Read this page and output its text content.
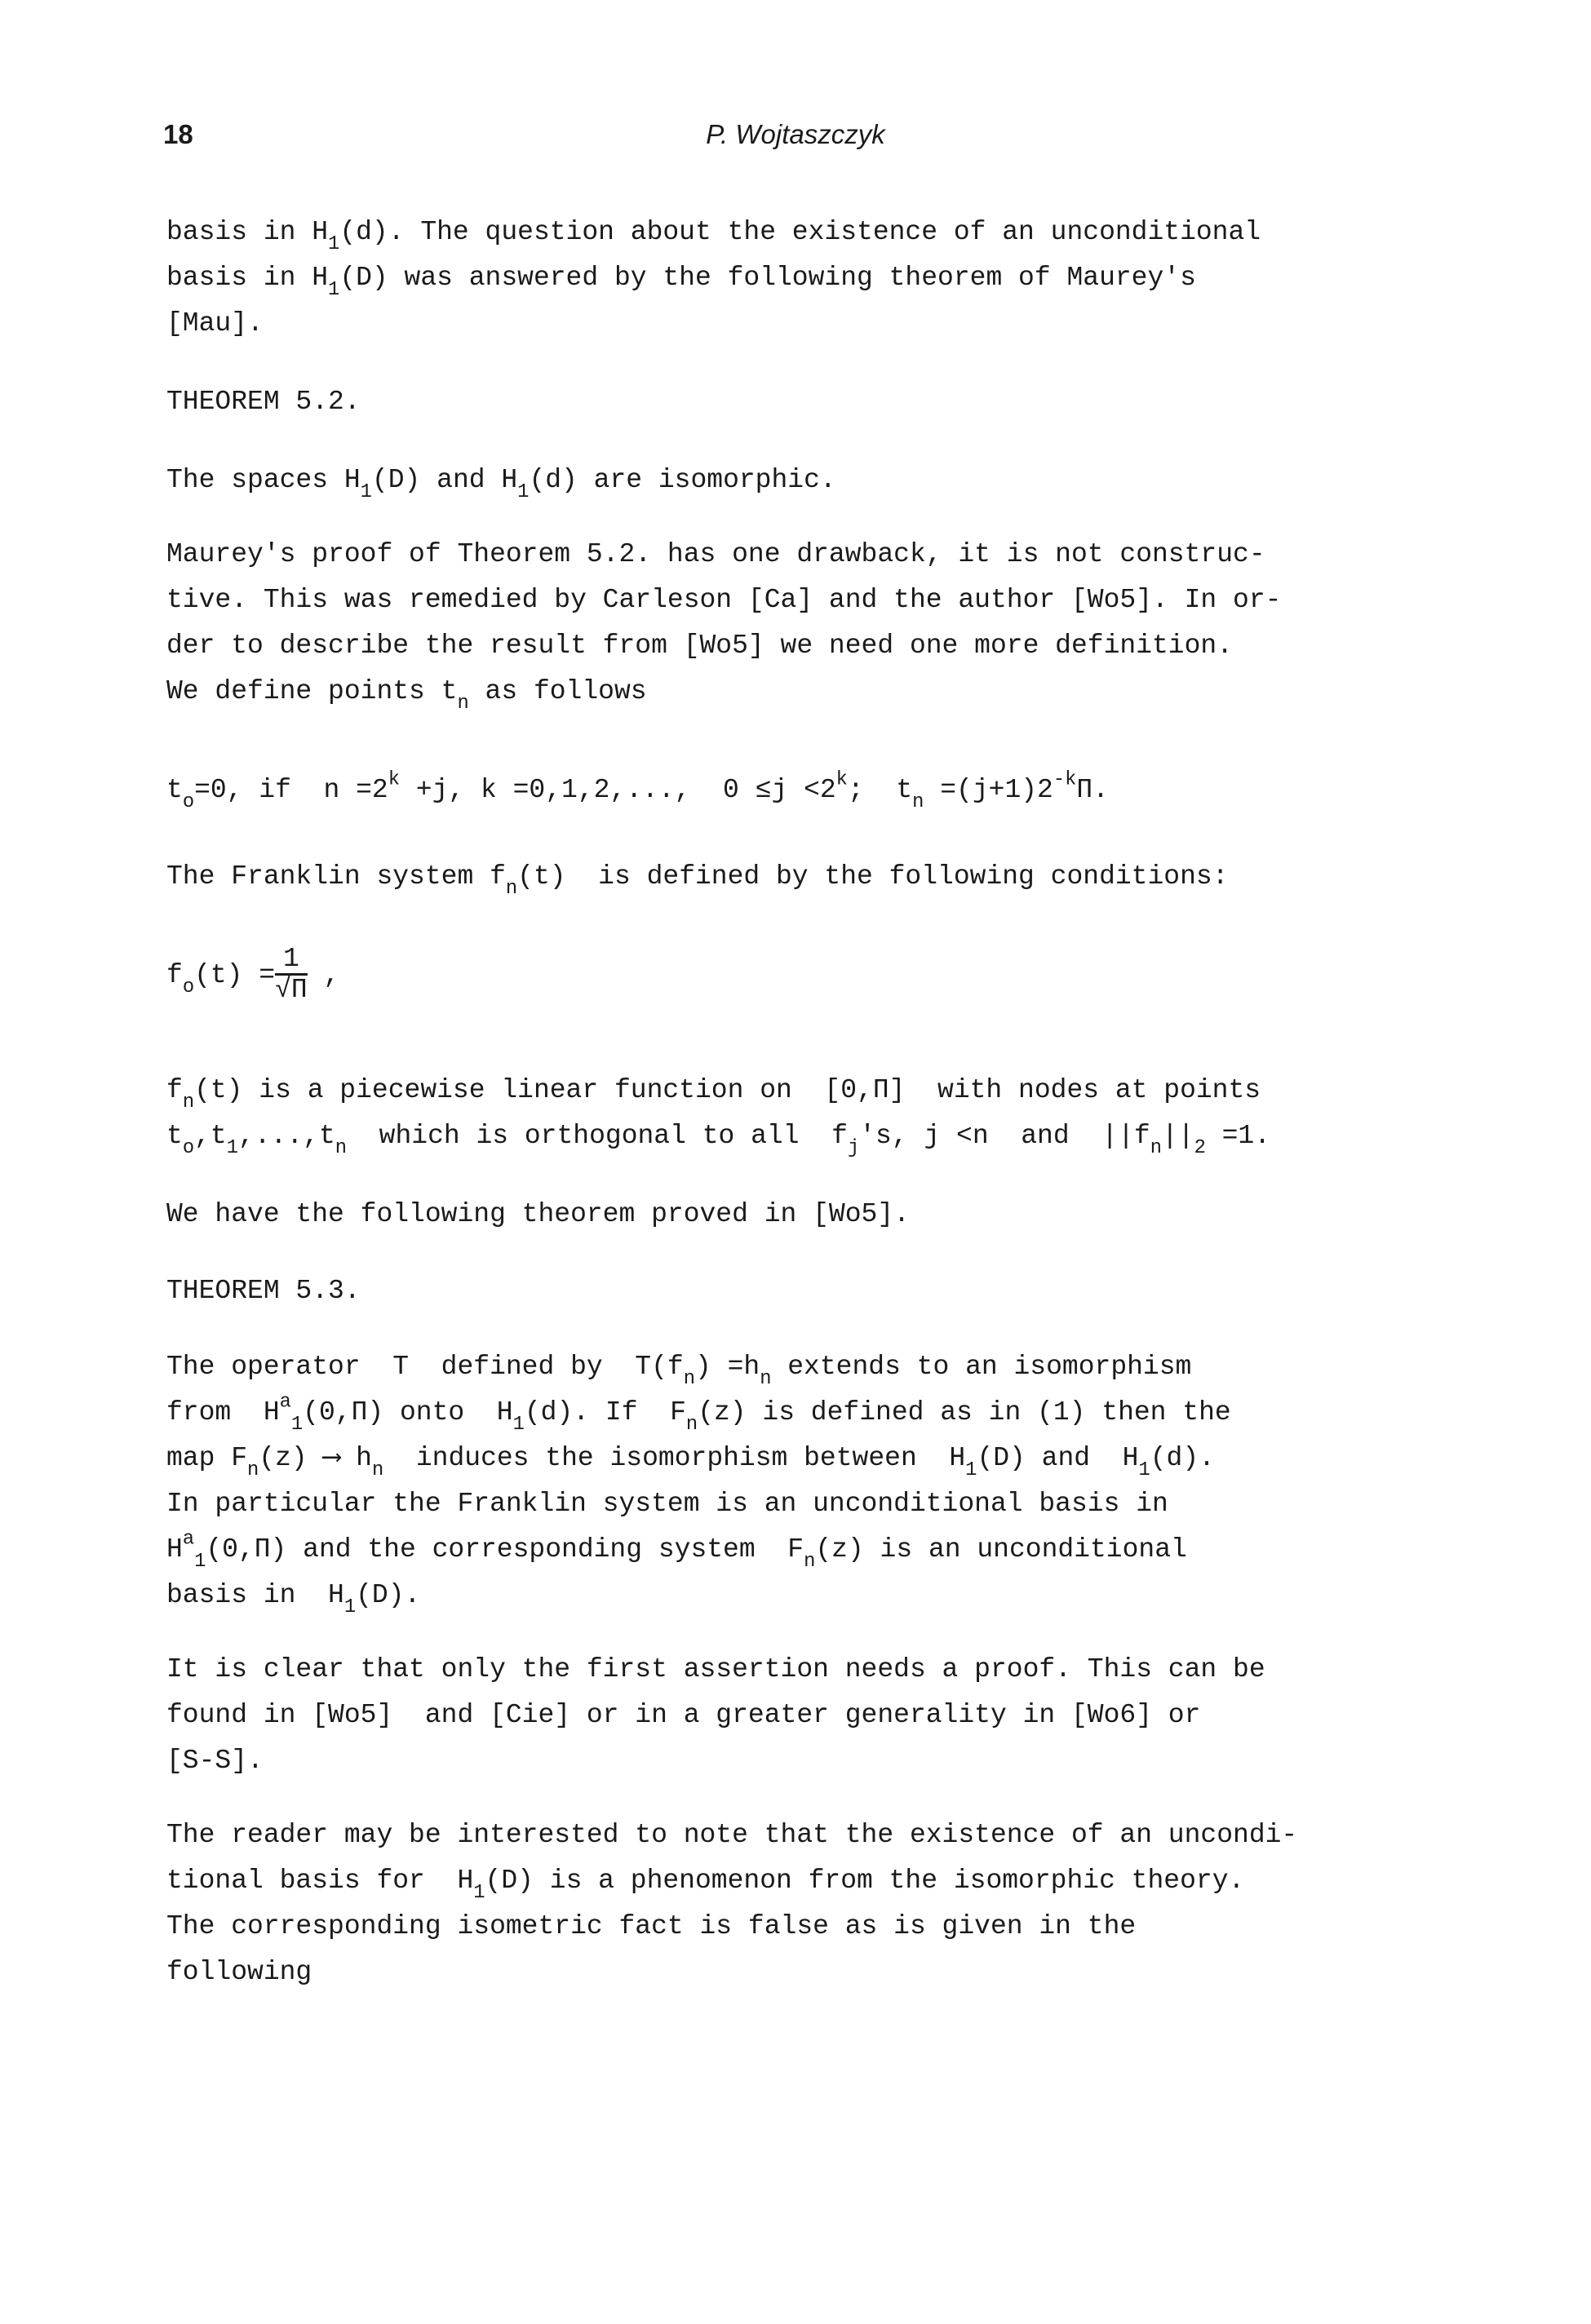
18	P. Wojtaszczyk
basis in $H_1(d)$. The question about the existence of an unconditional
basis in $H_1(D)$ was answered by the following theorem of Maurey's
[Mau].
THEOREM 5.2.
The spaces $H_1(D)$ and $H_1(d)$ are isomorphic.
Maurey's proof of Theorem 5.2. has one drawback, it is not construc-
tive. This was remedied by Carleson [Ca] and the author [Wo5]. In or-
der to describe the result from [Wo5] we need one more definition.
We define points $t_n$ as follows
$t_o=0$, if  $n =2^k +j$, k =0,1,2,...,  $0 \le j <2^k$;  $t_n =(j+1)2^{-k}\Pi$.
The Franklin system $f_n(t)$  is defined by the following conditions:
$f_o(t) = \frac{1}{√\Pi}$ ,
$f_n(t)$ is a piecewise linear function on  [0,Π]  with nodes at points
$t_o,t_1,...,t_n$  which is orthogonal to all  $f_j's$, j <n  and  $||f_n||_2 =1$.
We have the following theorem proved in [Wo5].
THEOREM 5.3.
The operator  T  defined by  $T(f_n) =h_n$ extends to an isomorphism
from  $H^a_1(0,\Pi)$ onto  $H_1(d)$. If  $F_n(z)$ is defined as in (1) then the
map $F_n(z)$ ⟶ $h_n$  induces the isomorphism between  $H_1(D)$ and  $H_1(d)$.
In particular the Franklin system is an unconditional basis in
$H^a_1(0,\Pi)$ and the corresponding system  $F_n(z)$ is an unconditional
basis in  $H_1(D)$.
It is clear that only the first assertion needs a proof. This can be
found in [Wo5]  and [Cie] or in a greater generality in [Wo6] or
[S-S].
The reader may be interested to note that the existence of an uncondi-
tional basis for  $H_1(D)$ is a phenomenon from the isomorphic theory.
The corresponding isometric fact is false as is given in the
following
